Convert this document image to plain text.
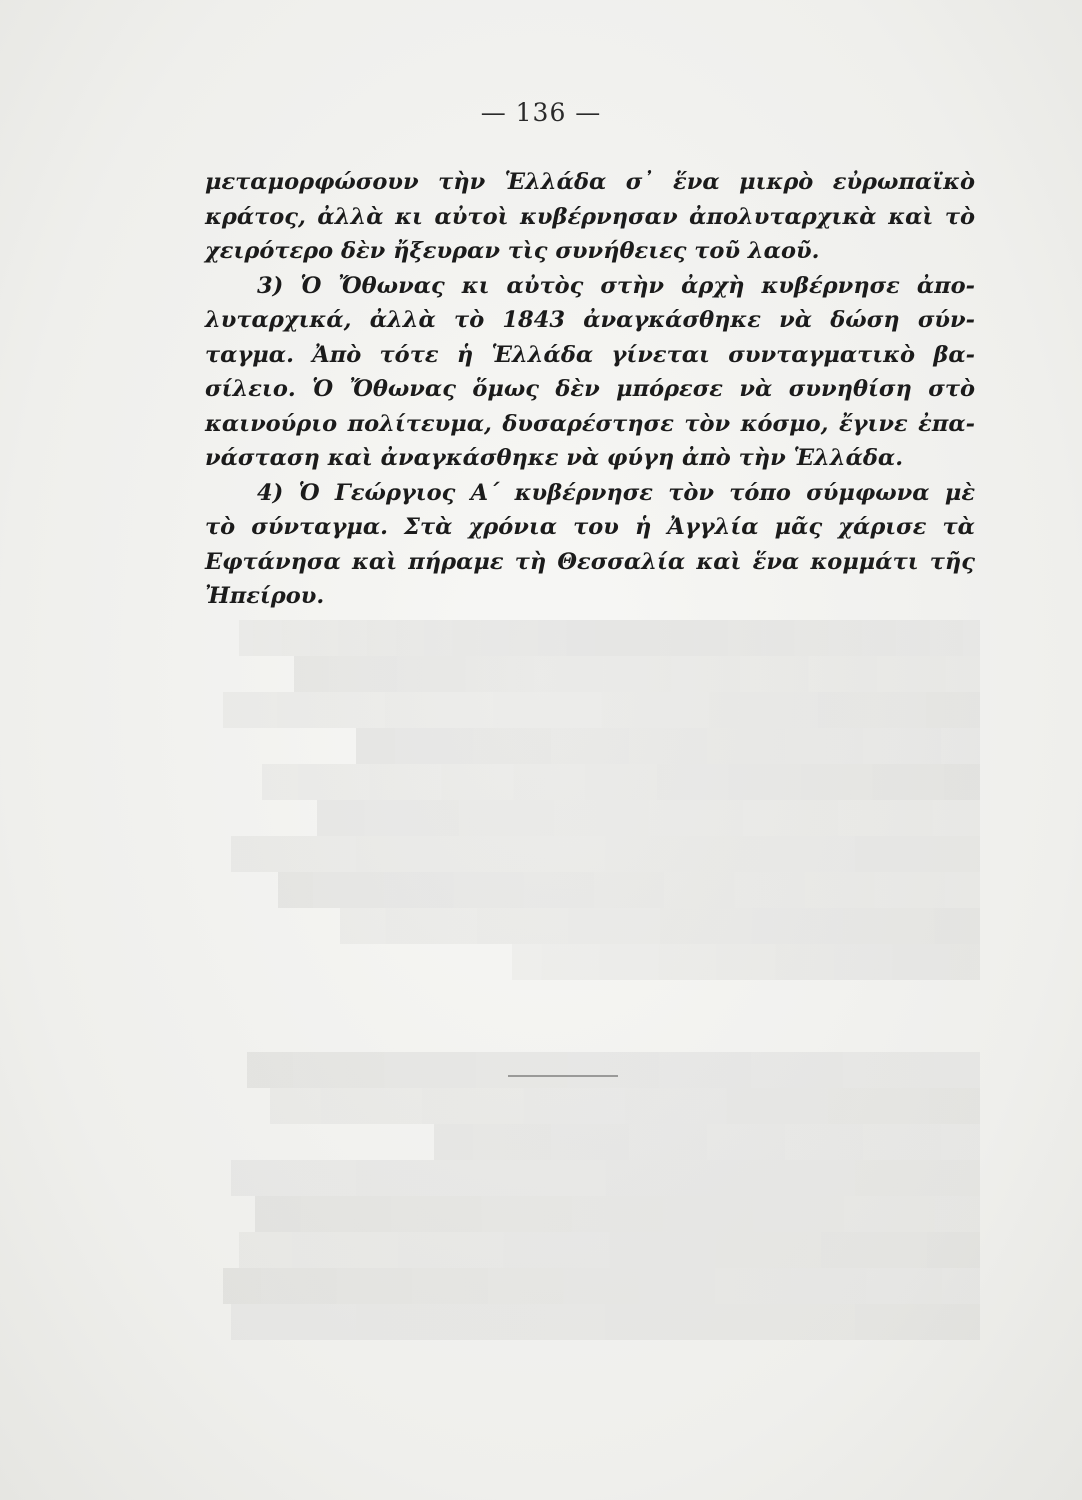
— 136 —
μεταμορφώσουν τὴν Ἑλλάδα σ᾽ ἕνα μικρὸ εὐρωπαϊκὸ
κράτος, ἀλλὰ κι αὐτοὶ κυβέρνησαν ἀπολυταρχικὰ καὶ τὸ
χειρότερο δὲν ἤξευραν τὶς συνήθειες τοῦ λαοῦ.
3) Ὁ Ὄθωνας κι αὐτὸς στὴν ἀρχὴ κυβέρνησε ἀπο-
λυταρχικά, ἀλλὰ τὸ 1843 ἀναγκάσθηκε νὰ δώση σύν-
ταγμα. Ἀπὸ τότε ἡ Ἑλλάδα γίνεται συνταγματικὸ βα-
σίλειο. Ὁ Ὄθωνας ὅμως δὲν μπόρεσε νὰ συνηθίση στὸ
καινούριο πολίτευμα, δυσαρέστησε τὸν κόσμο, ἔγινε ἐπα-
νάσταση καὶ ἀναγκάσθηκε νὰ φύγη ἀπὸ τὴν Ἑλλάδα.
4) Ὁ Γεώργιος Α´ κυβέρνησε τὸν τόπο σύμφωνα μὲ
τὸ σύνταγμα. Στὰ χρόνια του ἡ Ἀγγλία μᾶς χάρισε τὰ
Εφτάνησα καὶ πήραμε τὴ Θεσσαλία καὶ ἕνα κομμάτι τῆς
Ἠπείρου.
